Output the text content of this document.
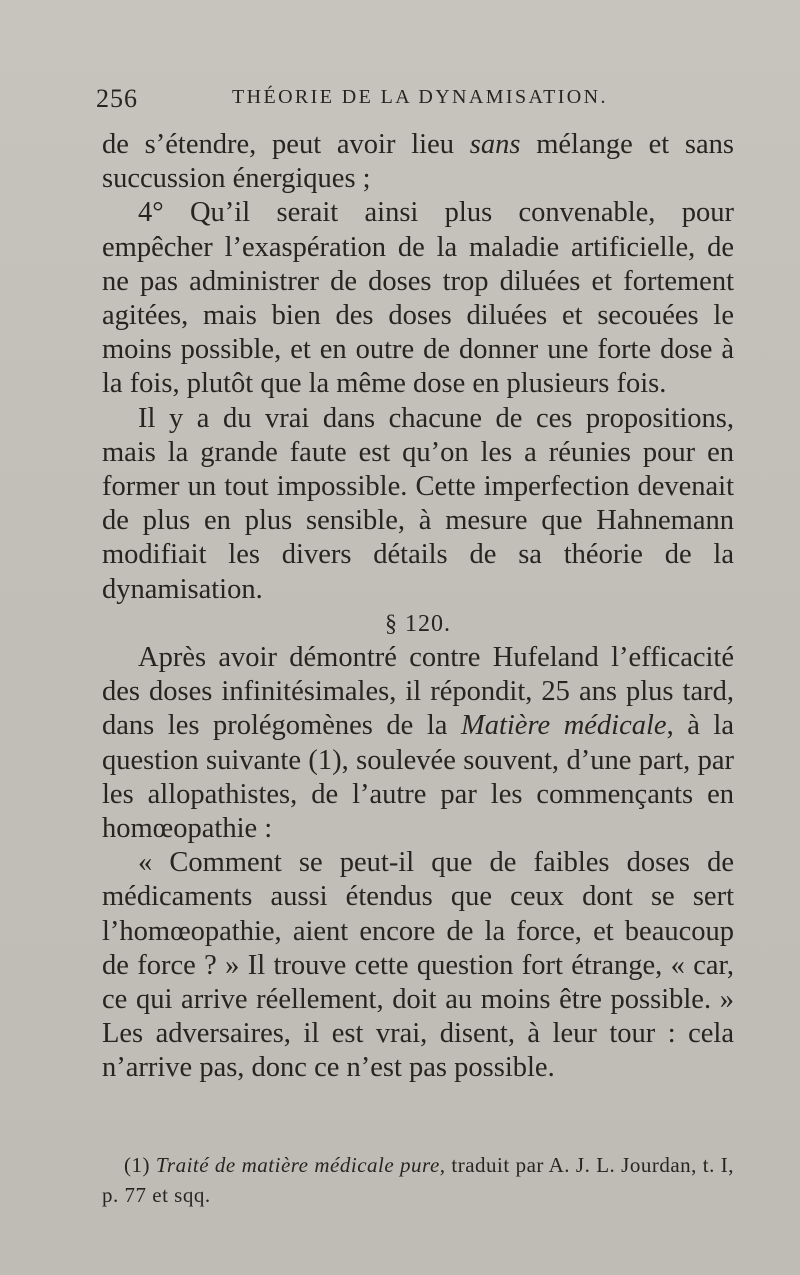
256	THÉORIE DE LA DYNAMISATION.

de s’étendre, peut avoir lieu sans mélange et sans succussion énergiques ;

4° Qu’il serait ainsi plus convenable, pour empêcher l’exaspération de la maladie artificielle, de ne pas administrer de doses trop diluées et fortement agitées, mais bien des doses diluées et secouées le moins possible, et en outre de donner une forte dose à la fois, plutôt que la même dose en plusieurs fois.

Il y a du vrai dans chacune de ces propositions, mais la grande faute est qu’on les a réunies pour en former un tout impossible. Cette imperfection devenait de plus en plus sensible, à mesure que Hahnemann modifiait les divers détails de sa théorie de la dynamisation.

§ 120.

Après avoir démontré contre Hufeland l’efficacité des doses infinitésimales, il répondit, 25 ans plus tard, dans les prolégomènes de la Matière médicale, à la question suivante (1), soulevée souvent, d’une part, par les allopathistes, de l’autre par les commençants en homœopathie :

« Comment se peut-il que de faibles doses de médicaments aussi étendus que ceux dont se sert l’homœopathie, aient encore de la force, et beaucoup de force ? » Il trouve cette question fort étrange, « car, ce qui arrive réellement, doit au moins être possible. » Les adversaires, il est vrai, disent, à leur tour : cela n’arrive pas, donc ce n’est pas possible.

(1) Traité de matière médicale pure, traduit par A. J. L. Jourdan, t. I, p. 77 et sqq.
